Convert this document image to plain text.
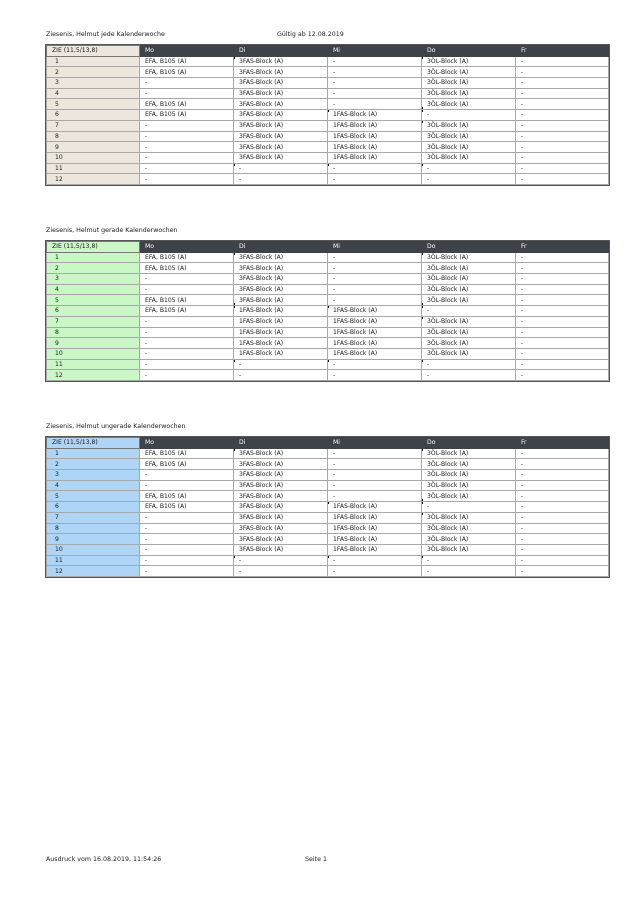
Ziesenis, Helmut jede Kalenderwoche	Gültig ab 12.08.2019
Ziesenis, Helmut gerade Kalenderwochen
Ziesenis, Helmut ungerade Kalenderwochen
ZIE (11,5/13,8)	Mo	Di	Mi	Do	Fr
1	EFA, B105 (A)	3FAS-Block (A)	-	3ÖL-Block (A)	-
2	EFA, B105 (A)	3FAS-Block (A)	-	3ÖL-Block (A)	-
3	-	3FAS-Block (A)	-	3ÖL-Block (A)	-
4	-	3FAS-Block (A)	-	3ÖL-Block (A)	-
5	EFA, B105 (A)	3FAS-Block (A)	-	3ÖL-Block (A)	-
6	EFA, B105 (A)	3FAS-Block (A)	1FAS-Block (A)	-	-
7	-	3FAS-Block (A)	1FAS-Block (A)	3ÖL-Block (A)	-
8	-	3FAS-Block (A)	1FAS-Block (A)	3ÖL-Block (A)	-
9	-	3FAS-Block (A)	1FAS-Block (A)	3ÖL-Block (A)	-
10	-	3FAS-Block (A)	1FAS-Block (A)	3ÖL-Block (A)	-
11	-	-	-	-	-
12	-	-	-	-	-
ZIE (11,5/13,8)	Mo	Di	Mi	Do	Fr
1	EFA, B105 (A)	3FAS-Block (A)	-	3ÖL-Block (A)	-
2	EFA, B105 (A)	3FAS-Block (A)	-	3ÖL-Block (A)	-
3	-	3FAS-Block (A)	-	3ÖL-Block (A)	-
4	-	3FAS-Block (A)	-	3ÖL-Block (A)	-
5	EFA, B105 (A)	3FAS-Block (A)	-	3ÖL-Block (A)	-
6	EFA, B105 (A)	1FAS-Block (A)	1FAS-Block (A)	-	-
7	-	1FAS-Block (A)	1FAS-Block (A)	3ÖL-Block (A)	-
8	-	1FAS-Block (A)	1FAS-Block (A)	3ÖL-Block (A)	-
9	-	1FAS-Block (A)	1FAS-Block (A)	3ÖL-Block (A)	-
10	-	1FAS-Block (A)	1FAS-Block (A)	3ÖL-Block (A)	-
11	-	-	-	-	-
12	-	-	-	-	-
ZIE (11,5/13,8)	Mo	Di	Mi	Do	Fr
1	EFA, B105 (A)	3FAS-Block (A)	-	3ÖL-Block (A)	-
2	EFA, B105 (A)	3FAS-Block (A)	-	3ÖL-Block (A)	-
3	-	3FAS-Block (A)	-	3ÖL-Block (A)	-
4	-	3FAS-Block (A)	-	3ÖL-Block (A)	-
5	EFA, B105 (A)	3FAS-Block (A)	-	3ÖL-Block (A)	-
6	EFA, B105 (A)	3FAS-Block (A)	1FAS-Block (A)	-	-
7	-	3FAS-Block (A)	1FAS-Block (A)	3ÖL-Block (A)	-
8	-	3FAS-Block (A)	1FAS-Block (A)	3ÖL-Block (A)	-
9	-	3FAS-Block (A)	1FAS-Block (A)	3ÖL-Block (A)	-
10	-	3FAS-Block (A)	1FAS-Block (A)	3ÖL-Block (A)	-
11	-	-	-	-	-
12	-	-	-	-	-
Ausdruck vom 16.08.2019, 11:54:26	Seite 1
